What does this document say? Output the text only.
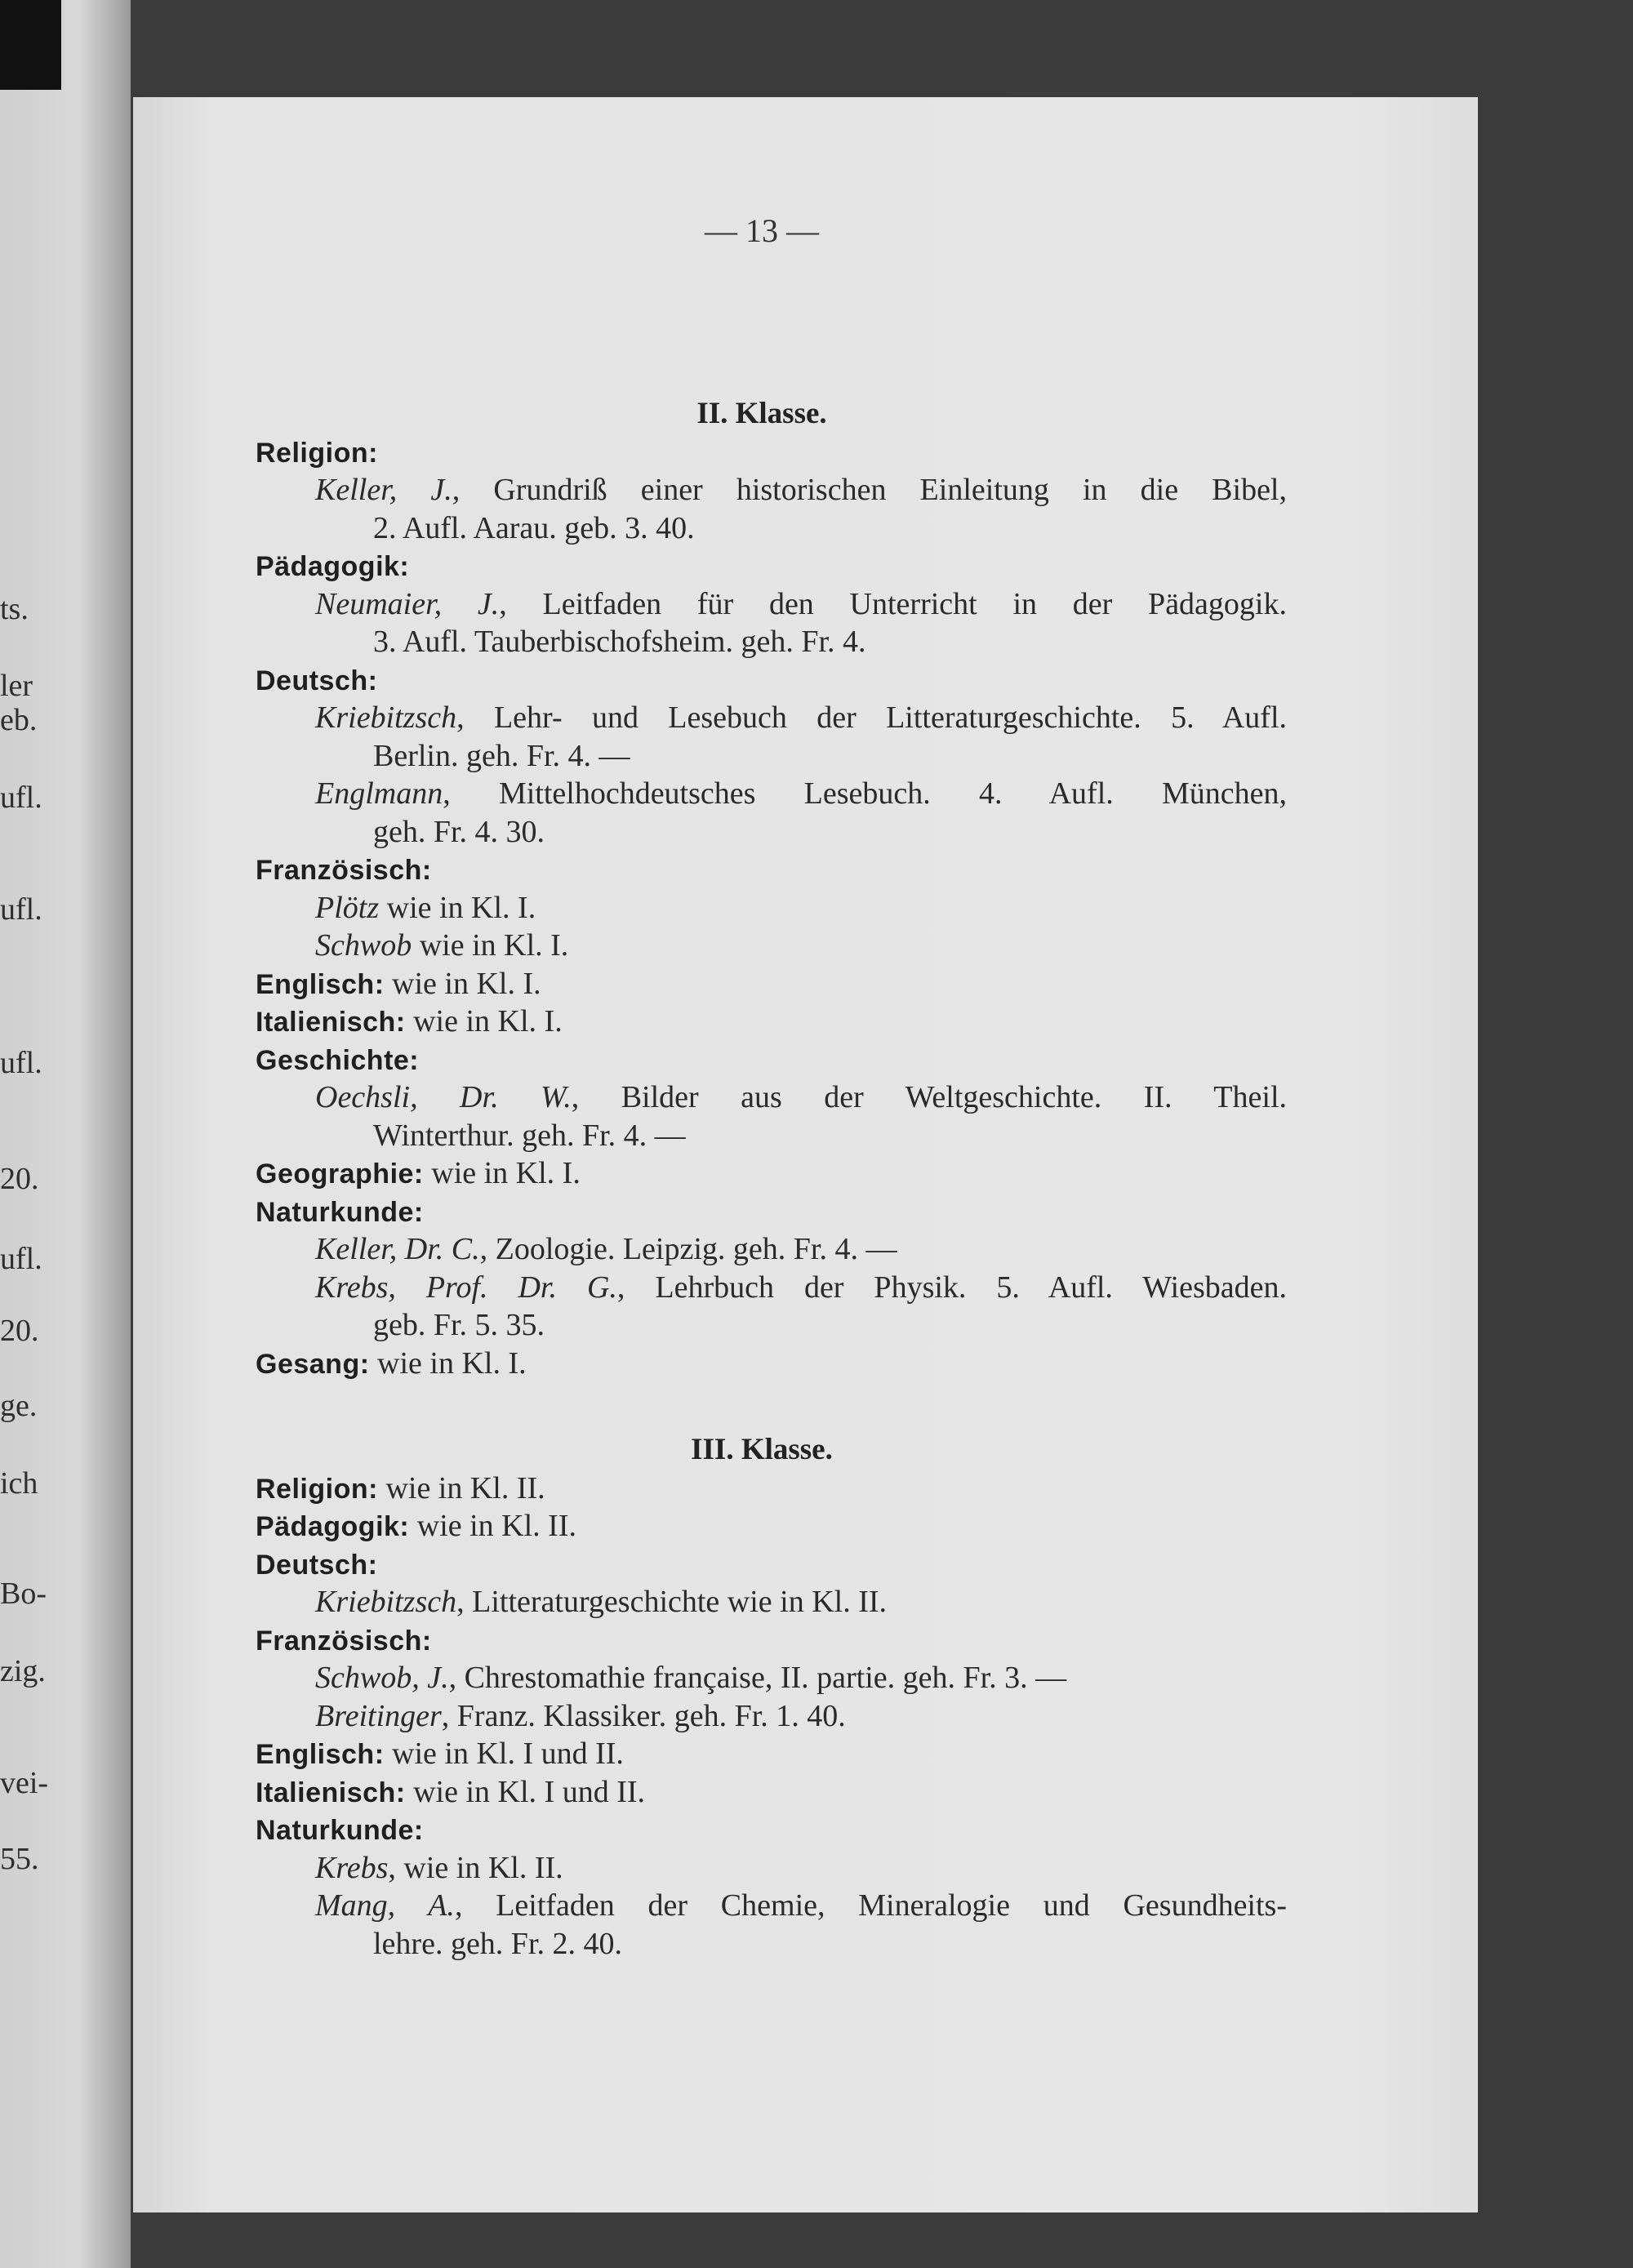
ts.
ler
eb.
ufl.
ufl.
ufl.
20.
ufl.
20.
ge.
ich
Bo-
zig.
vei-
55.
— 13 —
II. Klasse.
Religion:
Keller, J., Grundriß einer historischen Einleitung in die Bibel,
2. Aufl. Aarau. geb. 3. 40.
Pädagogik:
Neumaier, J., Leitfaden für den Unterricht in der Pädagogik.
3. Aufl. Tauberbischofsheim. geh. Fr. 4.
Deutsch:
Kriebitzsch, Lehr- und Lesebuch der Litteraturgeschichte. 5. Aufl.
Berlin. geh. Fr. 4. —
Englmann, Mittelhochdeutsches Lesebuch. 4. Aufl. München,
geh. Fr. 4. 30.
Französisch:
Plötz wie in Kl. I.
Schwob wie in Kl. I.
Englisch: wie in Kl. I.
Italienisch: wie in Kl. I.
Geschichte:
Oechsli, Dr. W., Bilder aus der Weltgeschichte. II. Theil.
Winterthur. geh. Fr. 4. —
Geographie: wie in Kl. I.
Naturkunde:
Keller, Dr. C., Zoologie. Leipzig. geh. Fr. 4. —
Krebs, Prof. Dr. G., Lehrbuch der Physik. 5. Aufl. Wiesbaden.
geb. Fr. 5. 35.
Gesang: wie in Kl. I.
III. Klasse.
Religion: wie in Kl. II.
Pädagogik: wie in Kl. II.
Deutsch:
Kriebitzsch, Litteraturgeschichte wie in Kl. II.
Französisch:
Schwob, J., Chrestomathie française, II. partie. geh. Fr. 3. —
Breitinger, Franz. Klassiker. geh. Fr. 1. 40.
Englisch: wie in Kl. I und II.
Italienisch: wie in Kl. I und II.
Naturkunde:
Krebs, wie in Kl. II.
Mang, A., Leitfaden der Chemie, Mineralogie und Gesundheits-
lehre. geh. Fr. 2. 40.
